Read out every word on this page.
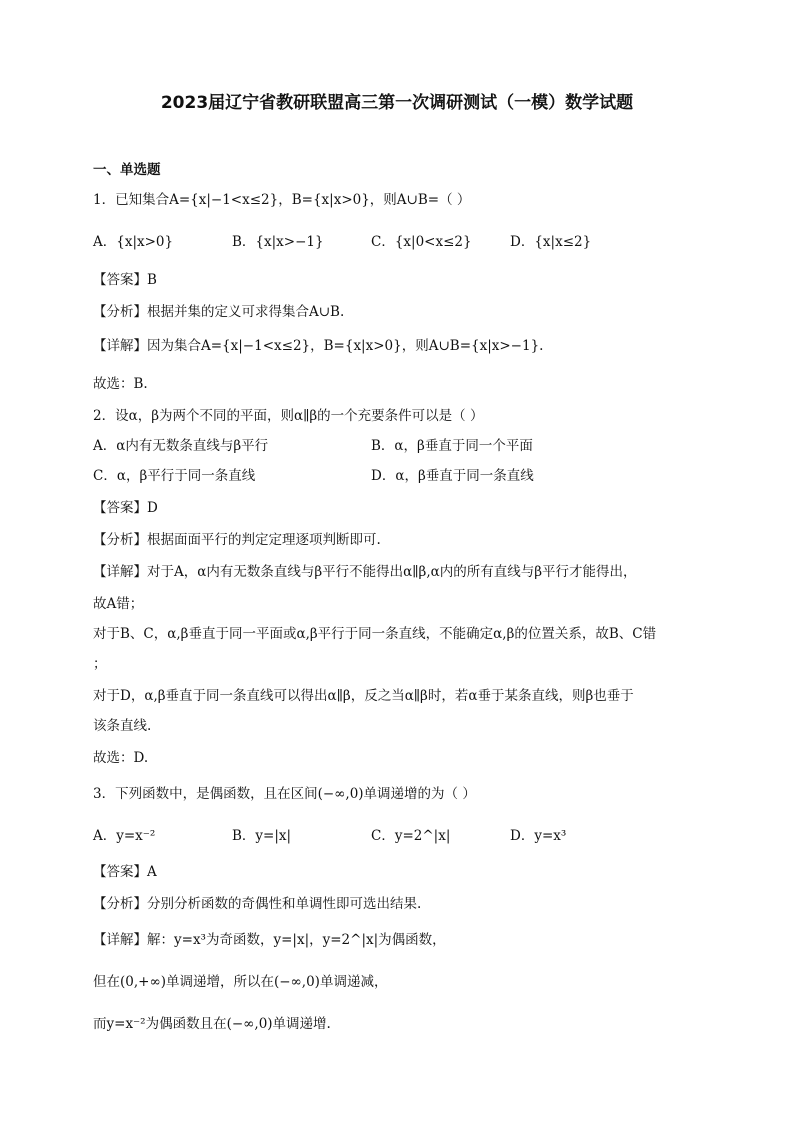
2023届辽宁省教研联盟高三第一次调研测试（一模）数学试题
一、单选题
1．已知集合A={x|−1<x≤2}，B={x|x>0}，则A∪B=（ ）
A．{x|x>0}	B．{x|x>−1}	C．{x|0<x≤2}	D．{x|x≤2}
【答案】B
【分析】根据并集的定义可求得集合A∪B.
【详解】因为集合A={x|−1<x≤2}，B={x|x>0}，则A∪B={x|x>−1}.
故选：B.
2．设α，β为两个不同的平面，则α∥β的一个充要条件可以是（ ）
A．α内有无数条直线与β平行	B．α，β垂直于同一个平面
C．α，β平行于同一条直线	D．α，β垂直于同一条直线
【答案】D
【分析】根据面面平行的判定定理逐项判断即可.
【详解】对于A，α内有无数条直线与β平行不能得出α∥β,α内的所有直线与β平行才能得出，
故A错；
对于B、C，α,β垂直于同一平面或α,β平行于同一条直线，不能确定α,β的位置关系，故B、C错
；
对于D，α,β垂直于同一条直线可以得出α∥β，反之当α∥β时，若α垂于某条直线，则β也垂于
该条直线.
故选：D.
3．下列函数中，是偶函数，且在区间(−∞,0)单调递增的为（ ）
A．y=x⁻²	B．y=|x|	C．y=2^|x|	D．y=x³
【答案】A
【分析】分别分析函数的奇偶性和单调性即可选出结果.
【详解】解：y=x³为奇函数，y=|x|，y=2^|x|为偶函数，
但在(0,+∞)单调递增，所以在(−∞,0)单调递减，
而y=x⁻²为偶函数且在(−∞,0)单调递增.
